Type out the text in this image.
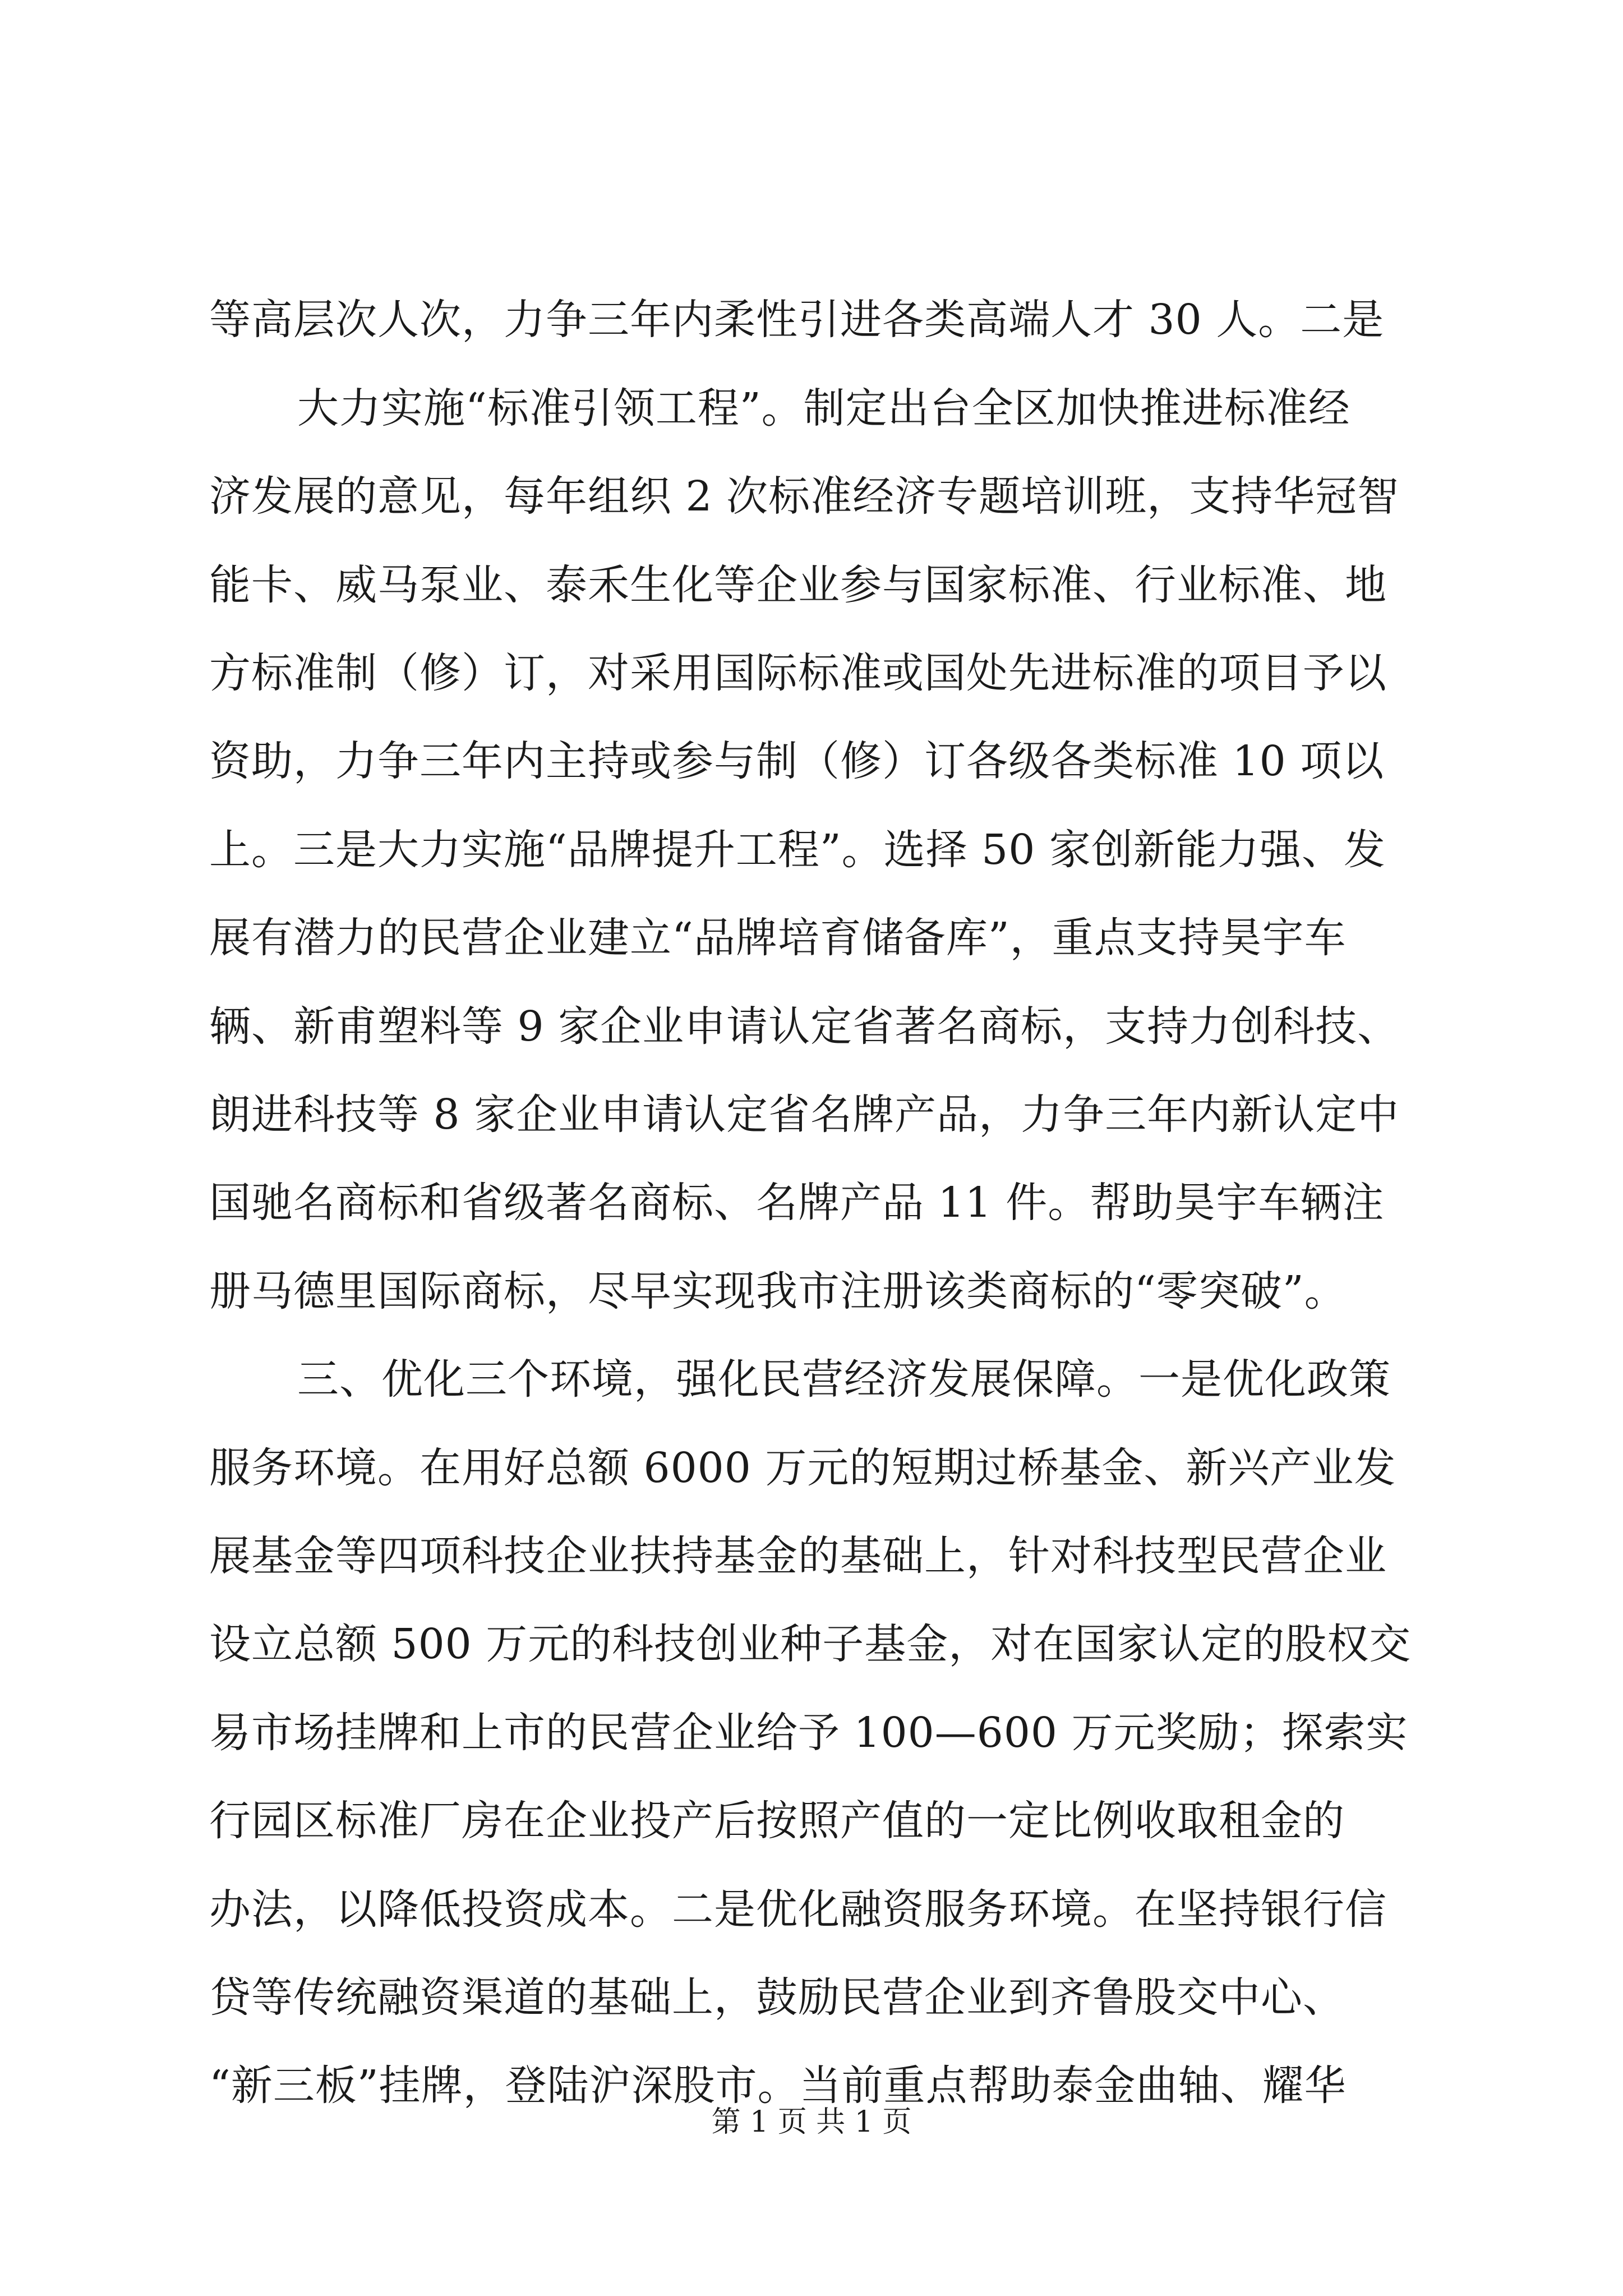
等高层次人次，力争三年内柔性引进各类高端人才 30 人。二是
大力实施“标准引领工程”。制定出台全区加快推进标准经
济发展的意见，每年组织 2 次标准经济专题培训班，支持华冠智
能卡、威马泵业、泰禾生化等企业参与国家标准、行业标准、地
方标准制（修）订，对采用国际标准或国处先进标准的项目予以
资助，力争三年内主持或参与制（修）订各级各类标准 10 项以
上。三是大力实施“品牌提升工程”。选择 50 家创新能力强、发
展有潜力的民营企业建立“品牌培育储备库”，重点支持昊宇车
辆、新甫塑料等 9 家企业申请认定省著名商标，支持力创科技、
朗进科技等 8 家企业申请认定省名牌产品，力争三年内新认定中
国驰名商标和省级著名商标、名牌产品 11 件。帮助昊宇车辆注
册马德里国际商标，尽早实现我市注册该类商标的“零突破”。
三、优化三个环境，强化民营经济发展保障。一是优化政策
服务环境。在用好总额 6000 万元的短期过桥基金、新兴产业发
展基金等四项科技企业扶持基金的基础上，针对科技型民营企业
设立总额 500 万元的科技创业种子基金，对在国家认定的股权交
易市场挂牌和上市的民营企业给予 100—600 万元奖励；探索实
行园区标准厂房在企业投产后按照产值的一定比例收取租金的
办法，以降低投资成本。二是优化融资服务环境。在坚持银行信
贷等传统融资渠道的基础上，鼓励民营企业到齐鲁股交中心、
“新三板”挂牌，登陆沪深股市。当前重点帮助泰金曲轴、耀华
第 1 页 共 1 页
